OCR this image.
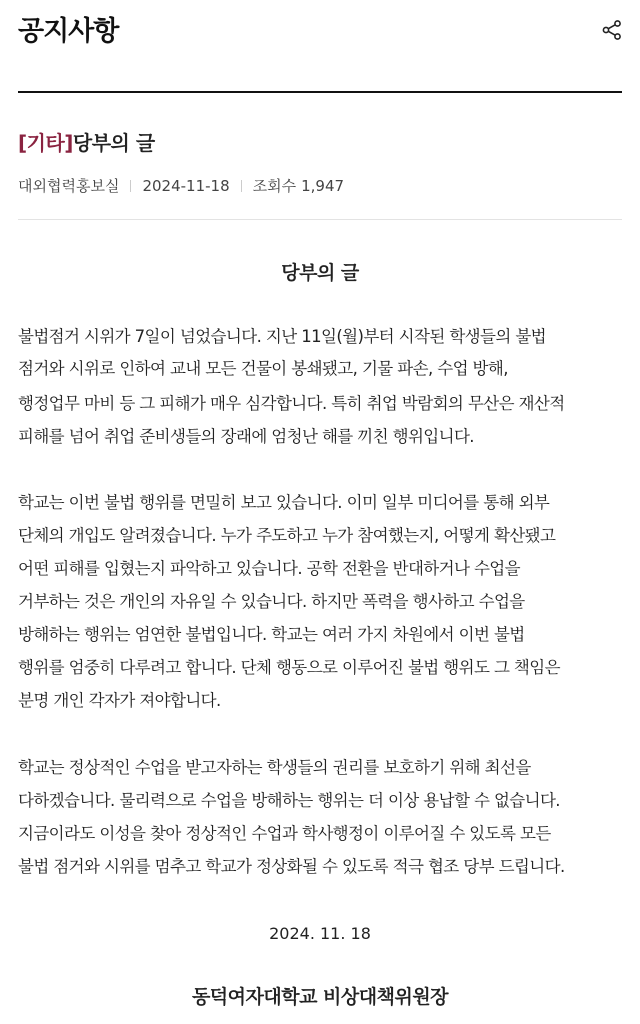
공지사항
[기타]당부의 글
대외협력홍보실 2024-11-18 조회수 1,947
당부의 글
불법점거 시위가 7일이 넘었습니다. 지난 11일(월)부터 시작된 학생들의 불법
점거와 시위로 인하여 교내 모든 건물이 봉쇄됐고, 기물 파손, 수업 방해,
행정업무 마비 등 그 피해가 매우 심각합니다. 특히 취업 박람회의 무산은 재산적
피해를 넘어 취업 준비생들의 장래에 엄청난 해를 끼친 행위입니다.
학교는 이번 불법 행위를 면밀히 보고 있습니다. 이미 일부 미디어를 통해 외부
단체의 개입도 알려졌습니다. 누가 주도하고 누가 참여했는지, 어떻게 확산됐고
어떤 피해를 입혔는지 파악하고 있습니다. 공학 전환을 반대하거나 수업을
거부하는 것은 개인의 자유일 수 있습니다. 하지만 폭력을 행사하고 수업을
방해하는 행위는 엄연한 불법입니다. 학교는 여러 가지 차원에서 이번 불법
행위를 엄중히 다루려고 합니다. 단체 행동으로 이루어진 불법 행위도 그 책임은
분명 개인 각자가 져야합니다.
학교는 정상적인 수업을 받고자하는 학생들의 권리를 보호하기 위해 최선을
다하겠습니다. 물리력으로 수업을 방해하는 행위는 더 이상 용납할 수 없습니다.
지금이라도 이성을 찾아 정상적인 수업과 학사행정이 이루어질 수 있도록 모든
불법 점거와 시위를 멈추고 학교가 정상화될 수 있도록 적극 협조 당부 드립니다.
2024. 11. 18
동덕여자대학교 비상대책위원장
